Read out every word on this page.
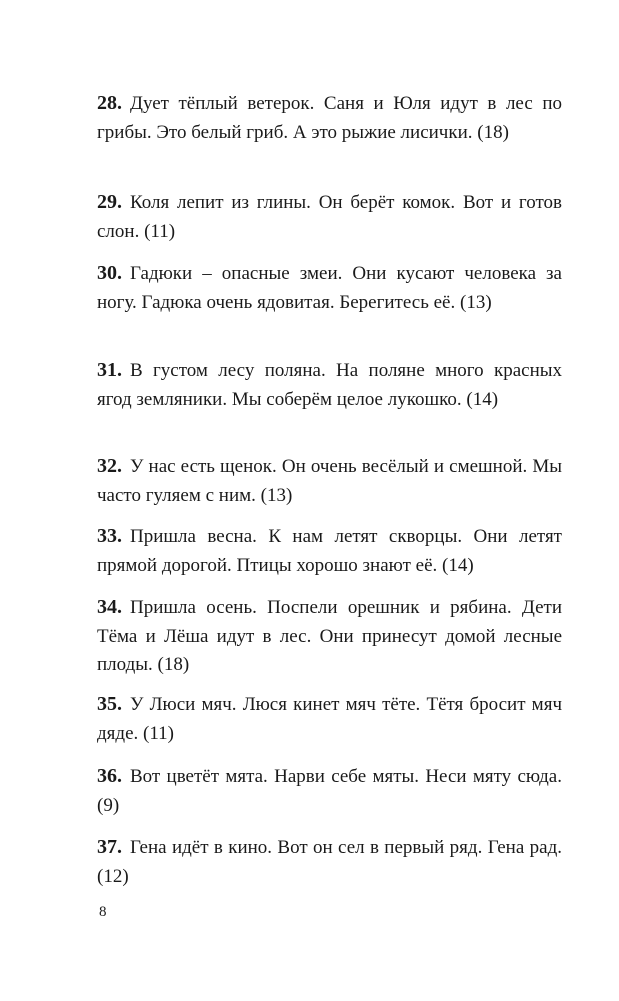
28. Дует тёплый ветерок. Саня и Юля идут в лес по грибы. Это белый гриб. А это рыжие лисички. (18)
29. Коля лепит из глины. Он берёт комок. Вот и готов слон. (11)
30. Гадюки – опасные змеи. Они кусают человека за ногу. Гадюка очень ядовитая. Берегитесь её. (13)
31. В густом лесу поляна. На поляне много красных ягод земляники. Мы соберём целое лукошко. (14)
32. У нас есть щенок. Он очень весёлый и смешной. Мы часто гуляем с ним. (13)
33. Пришла весна. К нам летят скворцы. Они летят прямой дорогой. Птицы хорошо знают её. (14)
34. Пришла осень. Поспели орешник и рябина. Дети Тёма и Лёша идут в лес. Они принесут домой лесные плоды. (18)
35. У Люси мяч. Люся кинет мяч тёте. Тётя бросит мяч дяде. (11)
36. Вот цветёт мята. Нарви себе мяты. Неси мяту сюда. (9)
37. Гена идёт в кино. Вот он сел в первый ряд. Гена рад. (12)
8
